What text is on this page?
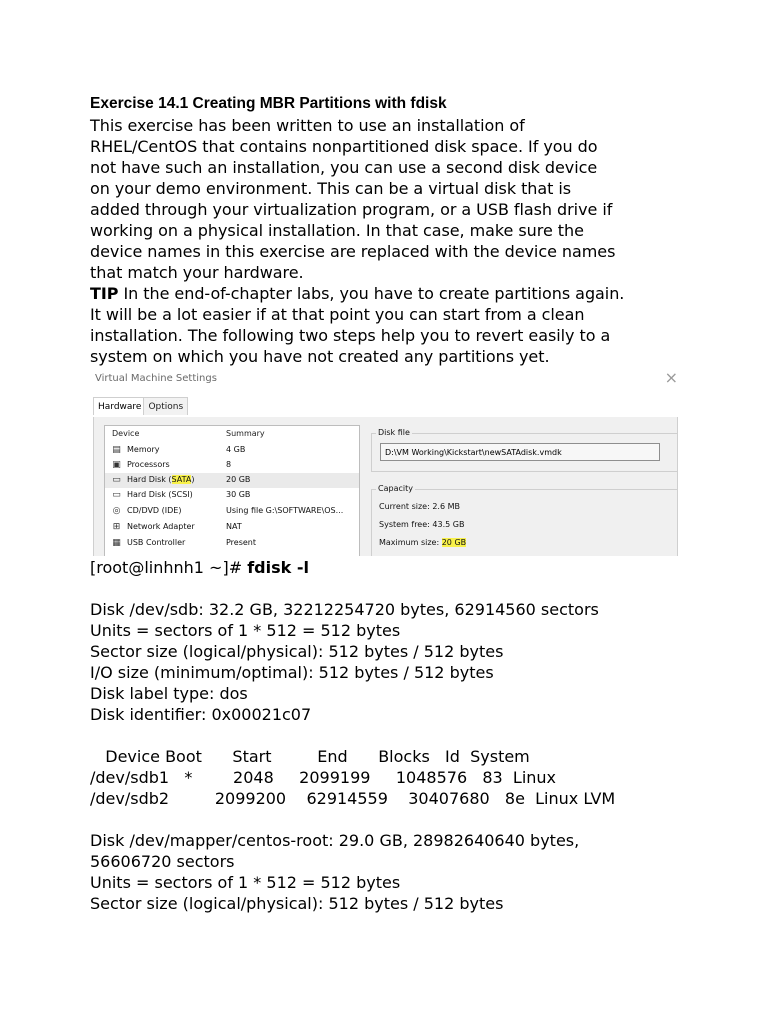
Exercise 14.1 Creating MBR Partitions with fdisk

This exercise has been written to use an installation of
RHEL/CentOS that contains nonpartitioned disk space. If you do
not have such an installation, you can use a second disk device
on your demo environment. This can be a virtual disk that is
added through your virtualization program, or a USB flash drive if
working on a physical installation. In that case, make sure the
device names in this exercise are replaced with the device names
that match your hardware.

TIP In the end-of-chapter labs, you have to create partitions again.
It will be a lot easier if at that point you can start from a clean
installation. The following two steps help you to revert easily to a
system on which you have not created any partitions yet.

Virtual Machine Settings	×
Hardware Options
Device	Summary
▤ Memory	4 GB
▣ Processors	8
▭ Hard Disk (SATA)	20 GB
▭ Hard Disk (SCSI)	30 GB
◎ CD/DVD (IDE)	Using file G:\SOFTWARE\OS...
⊞ Network Adapter	NAT
▦ USB Controller	Present
Disk file
D:\VM Working\Kickstart\newSATAdisk.vmdk
Capacity
Current size: 2.6 MB
System free: 43.5 GB
Maximum size: 20 GB
[root@linhnh1 ~]# fdisk -l
Disk /dev/sdb: 32.2 GB, 32212254720 bytes, 62914560 sectors
Units = sectors of 1 * 512 = 512 bytes
Sector size (logical/physical): 512 bytes / 512 bytes
I/O size (minimum/optimal): 512 bytes / 512 bytes
Disk label type: dos
Disk identifier: 0x00021c07
Device Boot      Start         End      Blocks   Id  System
/dev/sdb1   *        2048     2099199     1048576   83  Linux
/dev/sdb2         2099200    62914559    30407680   8e  Linux LVM
Disk /dev/mapper/centos-root: 29.0 GB, 28982640640 bytes,
56606720 sectors
Units = sectors of 1 * 512 = 512 bytes
Sector size (logical/physical): 512 bytes / 512 bytes
